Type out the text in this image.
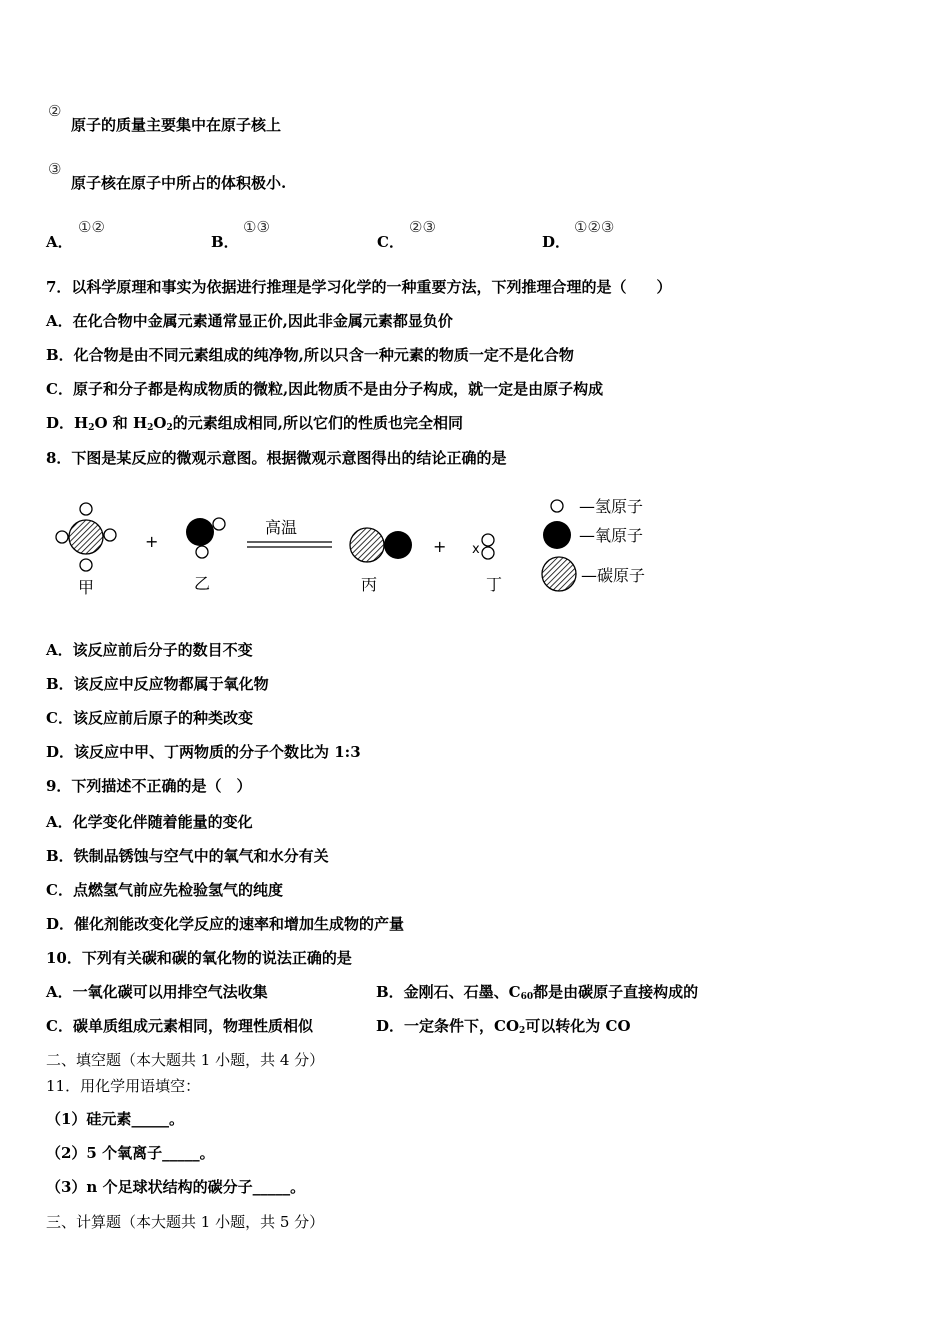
②
原子的质量主要集中在原子核上
③
原子核在原子中所占的体积极小.
A．
①②
B．
①③
C．
②③
D．
①②③
7．以科学原理和事实为依据进行推理是学习化学的一种重要方法，下列推理合理的是（　　）
A．在化合物中金属元素通常显正价,因此非金属元素都显负价
B．化合物是由不同元素组成的纯净物,所以只含一种元素的物质一定不是化合物
C．原子和分子都是构成物质的微粒,因此物质不是由分子构成，就一定是由原子构成
D．$H_2O$ 和 $H_2O_2$的元素组成相同,所以它们的性质也完全相同
8．下图是某反应的微观示意图。根据微观示意图得出的结论正确的是
甲
+
乙
高温
丙
+ x
丁
—氢原子
—氧原子
—碳原子
A．该反应前后分子的数目不变
B．该反应中反应物都属于氧化物
C．该反应前后原子的种类改变
D．该反应中甲、丁两物质的分子个数比为 1:3
9．下列描述不正确的是（　）
A．化学变化伴随着能量的变化
B．铁制品锈蚀与空气中的氧气和水分有关
C．点燃氢气前应先检验氢气的纯度
D．催化剂能改变化学反应的速率和增加生成物的产量
10．下列有关碳和碳的氧化物的说法正确的是
A．一氧化碳可以用排空气法收集	B．金刚石、石墨、$C_{60}$都是由碳原子直接构成的
C．碳单质组成元素相同，物理性质相似	D．一定条件下，$CO_2$可以转化为 CO
二、填空题（本大题共 1 小题，共 4 分）
11．用化学用语填空：
（1）硅元素_____。
（2）5 个氧离子_____。
（3）n 个足球状结构的碳分子_____。
三、计算题（本大题共 1 小题，共 5 分）
